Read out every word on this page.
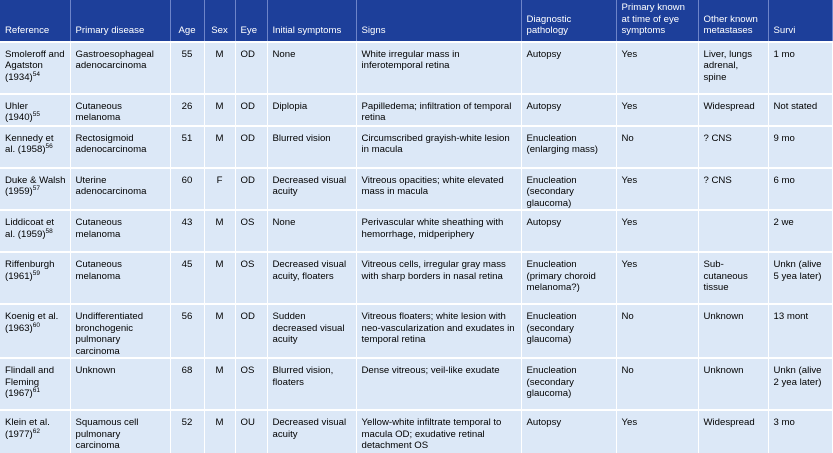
Reference	Primary disease	Age	Sex	Eye	Initial symptoms	Signs	Diagnostic pathology	Primary known at time of eye symptoms	Other known metastases	Survi
Smoleroff and Agatston $(1934)^{54}$	Gastroesophageal adenocarcinoma	55	M	OD	None	White irregular mass in inferotemporal retina	Autopsy	Yes	Liver, lungs adrenal, spine	1 mo
Uhler $(1940)^{55}$	Cutaneous melanoma	26	M	OD	Diplopia	Papilledema; infiltration of temporal retina	Autopsy	Yes	Widespread	Not stated
Kennedy et al. $(1958)^{56}$	Rectosigmoid adenocarcinoma	51	M	OD	Blurred vision	Circumscribed grayish-white lesion in macula	Enucleation (enlarging mass)	No	? CNS	9 mo
Duke & Walsh $(1959)^{57}$	Uterine adenocarcinoma	60	F	OD	Decreased visual acuity	Vitreous opacities; white elevated mass in macula	Enucleation (secondary glaucoma)	Yes	? CNS	6 mo
Liddicoat et al. $(1959)^{58}$	Cutaneous melanoma	43	M	OS	None	Perivascular white sheathing with hemorrhage, midperiphery	Autopsy	Yes		2 we
Riffenburgh $(1961)^{59}$	Cutaneous melanoma	45	M	OS	Decreased visual acuity, floaters	Vitreous cells, irregular gray mass with sharp borders in nasal retina	Enucleation (primary choroid melanoma?)	Yes	Sub-cutaneous tissue	Unkn (alive 5 yea later)
Koenig et al. $(1963)^{60}$	Undifferentiated bronchogenic pulmonary carcinoma	56	M	OD	Sudden decreased visual acuity	Vitreous floaters; white lesion with neo-vascularization and exudates in temporal retina	Enucleation (secondary glaucoma)	No	Unknown	13 mont
Flindall and Fleming $(1967)^{61}$	Unknown	68	M	OS	Blurred vision, floaters	Dense vitreous; veil-like exudate	Enucleation (secondary glaucoma)	No	Unknown	Unkn (alive 2 yea later)
Klein et al. $(1977)^{62}$	Squamous cell pulmonary carcinoma	52	M	OU	Decreased visual acuity	Yellow-white infiltrate temporal to macula OD; exudative retinal detachment OS	Autopsy	Yes	Widespread	3 mo
